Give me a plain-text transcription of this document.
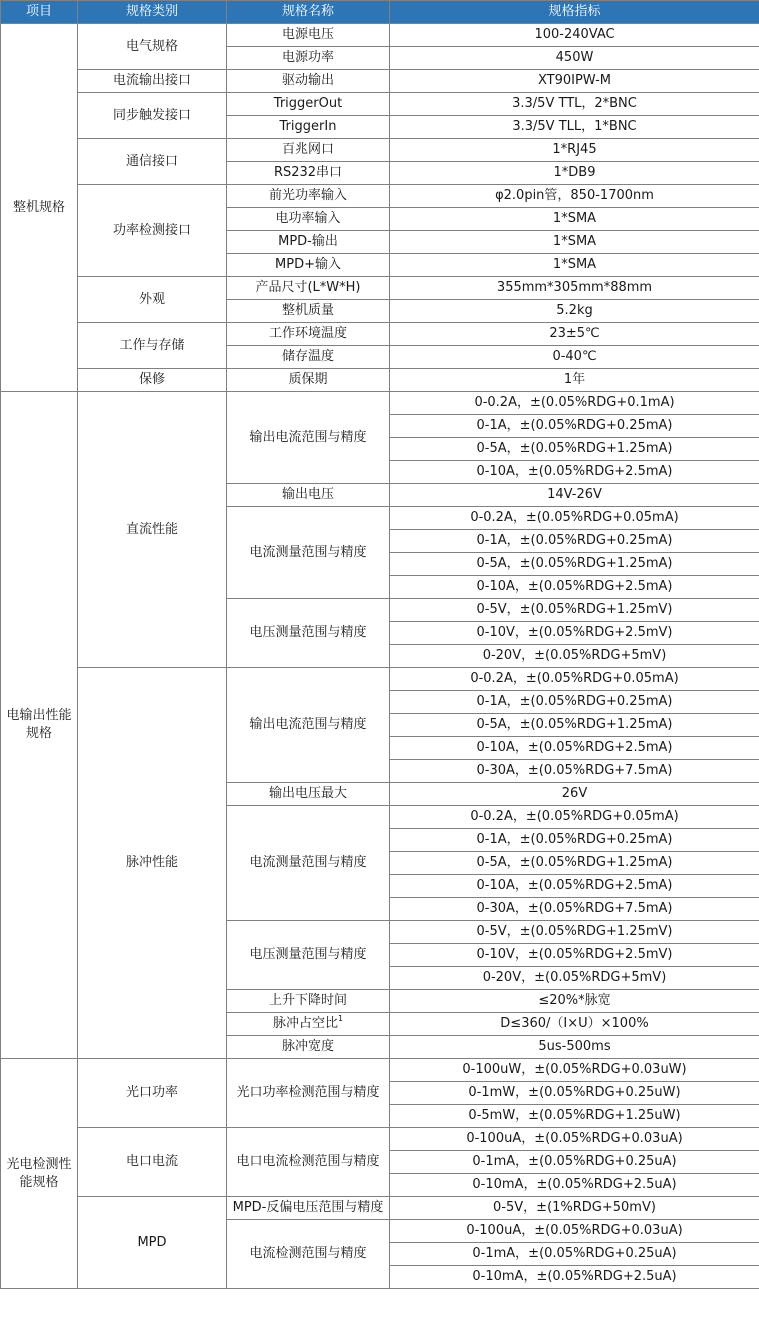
项目	规格类别	规格名称	规格指标
整机规格	电气规格	电源电压	100-240VAC
		电源功率	450W
	电流输出接口	驱动输出	XT90IPW-M
	同步触发接口	TriggerOut	3.3/5V TTL，2*BNC
		TriggerIn	3.3/5V TLL，1*BNC
	通信接口	百兆网口	1*RJ45
		RS232串口	1*DB9
	功率检测接口	前光功率输入	φ2.0pin管，850-1700nm
		电功率输入	1*SMA
		MPD-输出	1*SMA
		MPD+输入	1*SMA
	外观	产品尺寸(L*W*H)	355mm*305mm*88mm
		整机质量	5.2kg
	工作与存储	工作环境温度	23±5℃
		储存温度	0-40℃
	保修	质保期	1年
电输出性能规格	直流性能	输出电流范围与精度	0-0.2A，±(0.05%RDG+0.1mA)
			0-1A，±(0.05%RDG+0.25mA)
			0-5A，±(0.05%RDG+1.25mA)
			0-10A，±(0.05%RDG+2.5mA)
		输出电压	14V-26V
		电流测量范围与精度	0-0.2A，±(0.05%RDG+0.05mA)
			0-1A，±(0.05%RDG+0.25mA)
			0-5A，±(0.05%RDG+1.25mA)
			0-10A，±(0.05%RDG+2.5mA)
		电压测量范围与精度	0-5V，±(0.05%RDG+1.25mV)
			0-10V，±(0.05%RDG+2.5mV)
			0-20V，±(0.05%RDG+5mV)
	脉冲性能	输出电流范围与精度	0-0.2A，±(0.05%RDG+0.05mA)
			0-1A，±(0.05%RDG+0.25mA)
			0-5A，±(0.05%RDG+1.25mA)
			0-10A，±(0.05%RDG+2.5mA)
			0-30A，±(0.05%RDG+7.5mA)
		输出电压最大	26V
		电流测量范围与精度	0-0.2A，±(0.05%RDG+0.05mA)
			0-1A，±(0.05%RDG+0.25mA)
			0-5A，±(0.05%RDG+1.25mA)
			0-10A，±(0.05%RDG+2.5mA)
			0-30A，±(0.05%RDG+7.5mA)
		电压测量范围与精度	0-5V，±(0.05%RDG+1.25mV)
			0-10V，±(0.05%RDG+2.5mV)
			0-20V，±(0.05%RDG+5mV)
		上升下降时间	≤20%*脉宽
		脉冲占空比$^1$	D≤360/（I×U）×100%
		脉冲宽度	5us-500ms
光电检测性能规格	光口功率	光口功率检测范围与精度	0-100uW，±(0.05%RDG+0.03uW)
			0-1mW，±(0.05%RDG+0.25uW)
			0-5mW，±(0.05%RDG+1.25uW)
	电口电流	电口电流检测范围与精度	0-100uA，±(0.05%RDG+0.03uA)
			0-1mA，±(0.05%RDG+0.25uA)
			0-10mA，±(0.05%RDG+2.5uA)
	MPD	MPD-反偏电压范围与精度	0-5V，±(1%RDG+50mV)
		电流检测范围与精度	0-100uA，±(0.05%RDG+0.03uA)
			0-1mA，±(0.05%RDG+0.25uA)
			0-10mA，±(0.05%RDG+2.5uA)
